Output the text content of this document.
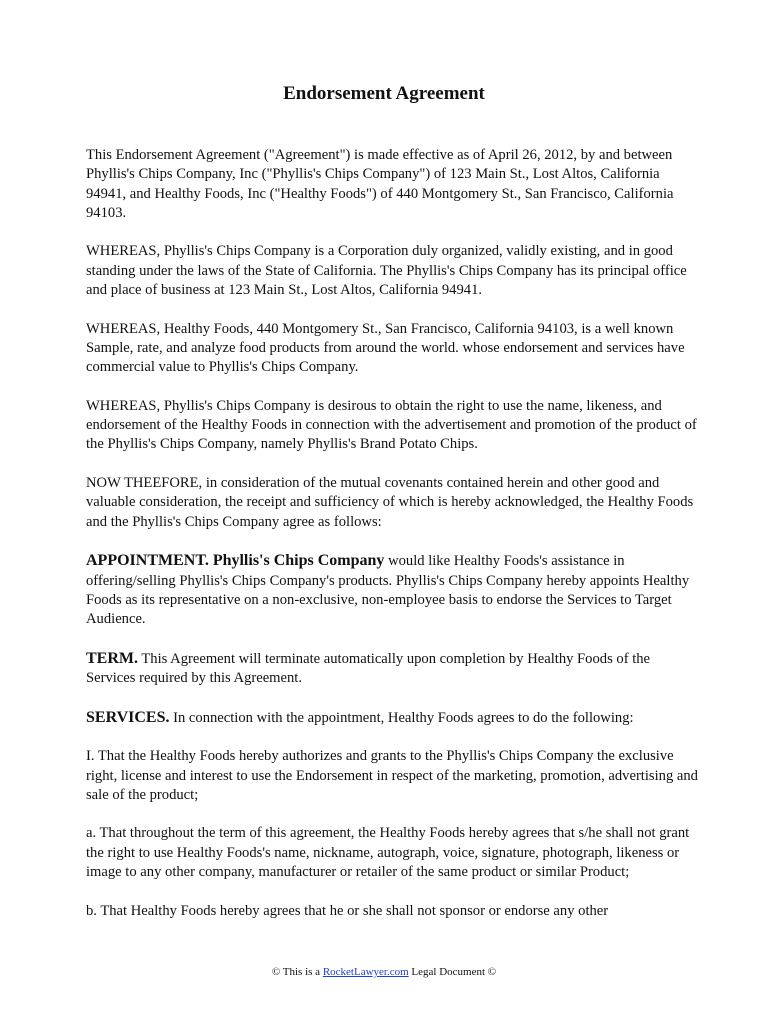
Endorsement Agreement

This Endorsement Agreement ("Agreement") is made effective as of April 26, 2012, by and between Phyllis's Chips Company, Inc ("Phyllis's Chips Company") of 123 Main St., Lost Altos, California 94941, and Healthy Foods, Inc ("Healthy Foods") of 440 Montgomery St., San Francisco, California 94103.

WHEREAS, Phyllis's Chips Company is a Corporation duly organized, validly existing, and in good standing under the laws of the State of California. The Phyllis's Chips Company has its principal office and place of business at 123 Main St., Lost Altos, California 94941.

WHEREAS, Healthy Foods, 440 Montgomery St., San Francisco, California 94103, is a well known Sample, rate, and analyze food products from around the world. whose endorsement and services have commercial value to Phyllis's Chips Company.

WHEREAS, Phyllis's Chips Company is desirous to obtain the right to use the name, likeness, and endorsement of the Healthy Foods in connection with the advertisement and promotion of the product of the Phyllis's Chips Company, namely Phyllis's Brand Potato Chips.

NOW THEEFORE, in consideration of the mutual covenants contained herein and other good and valuable consideration, the receipt and sufficiency of which is hereby acknowledged, the Healthy Foods and the Phyllis's Chips Company agree as follows:

APPOINTMENT. Phyllis's Chips Company would like Healthy Foods's assistance in offering/selling Phyllis's Chips Company's products. Phyllis's Chips Company hereby appoints Healthy Foods as its representative on a non-exclusive, non-employee basis to endorse the Services to Target Audience.

TERM. This Agreement will terminate automatically upon completion by Healthy Foods of the Services required by this Agreement.

SERVICES. In connection with the appointment, Healthy Foods agrees to do the following:

I. That the Healthy Foods hereby authorizes and grants to the Phyllis's Chips Company the exclusive right, license and interest to use the Endorsement in respect of the marketing, promotion, advertising and sale of the product;

a. That throughout the term of this agreement, the Healthy Foods hereby agrees that s/he shall not grant the right to use Healthy Foods's name, nickname, autograph, voice, signature, photograph, likeness or image to any other company, manufacturer or retailer of the same product or similar Product;

b. That Healthy Foods hereby agrees that he or she shall not sponsor or endorse any other

© This is a RocketLawyer.com Legal Document ©
